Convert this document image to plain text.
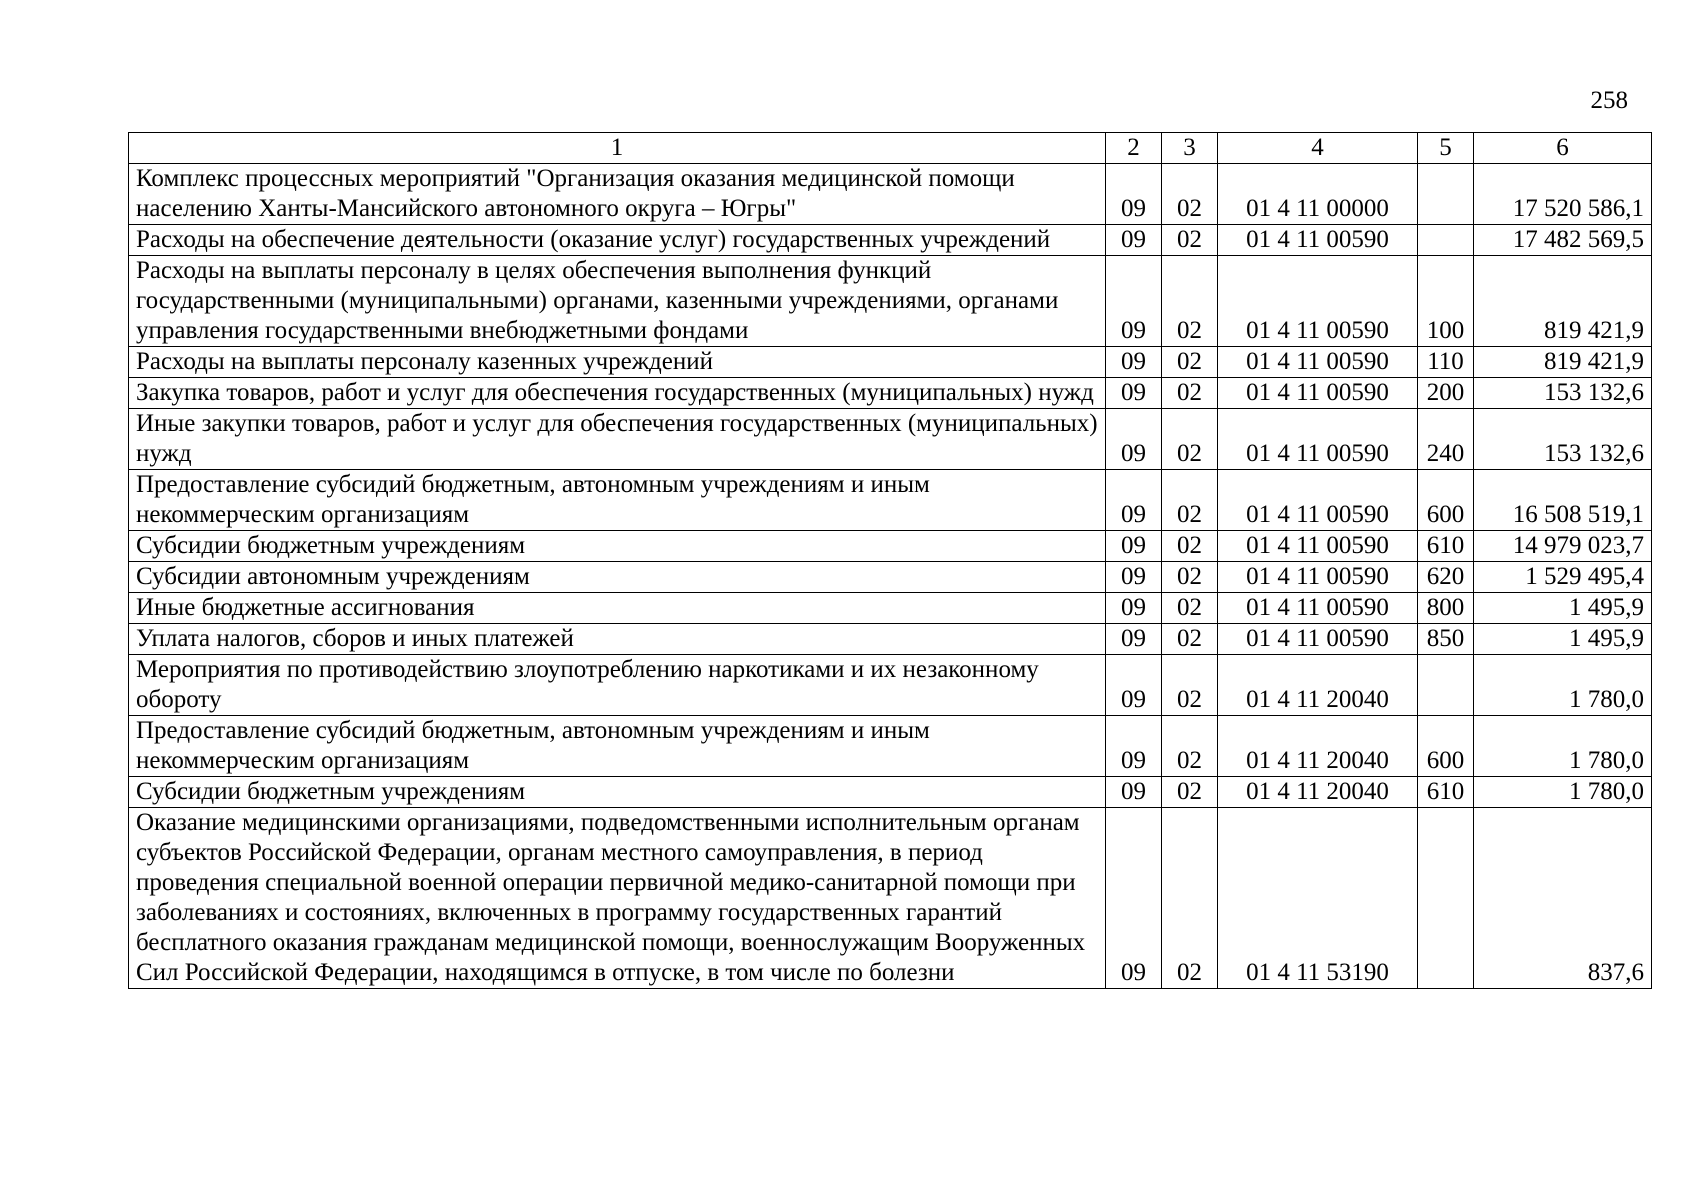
258
1	2	3	4	5	6
Комплекс процессных мероприятий "Организация оказания медицинской помощи населению Ханты-Мансийского автономного округа – Югры"	09	02	01 4 11 00000		17 520 586,1
Расходы на обеспечение деятельности (оказание услуг) государственных учреждений	09	02	01 4 11 00590		17 482 569,5
Расходы на выплаты персоналу в целях обеспечения выполнения функций государственными (муниципальными) органами, казенными учреждениями, органами управления государственными внебюджетными фондами	09	02	01 4 11 00590	100	819 421,9
Расходы на выплаты персоналу казенных учреждений	09	02	01 4 11 00590	110	819 421,9
Закупка товаров, работ и услуг для обеспечения государственных (муниципальных) нужд	09	02	01 4 11 00590	200	153 132,6
Иные закупки товаров, работ и услуг для обеспечения государственных (муниципальных) нужд	09	02	01 4 11 00590	240	153 132,6
Предоставление субсидий бюджетным, автономным учреждениям и иным некоммерческим организациям	09	02	01 4 11 00590	600	16 508 519,1
Субсидии бюджетным учреждениям	09	02	01 4 11 00590	610	14 979 023,7
Субсидии автономным учреждениям	09	02	01 4 11 00590	620	1 529 495,4
Иные бюджетные ассигнования	09	02	01 4 11 00590	800	1 495,9
Уплата налогов, сборов и иных платежей	09	02	01 4 11 00590	850	1 495,9
Мероприятия по противодействию злоупотреблению наркотиками и их незаконному обороту	09	02	01 4 11 20040		1 780,0
Предоставление субсидий бюджетным, автономным учреждениям и иным некоммерческим организациям	09	02	01 4 11 20040	600	1 780,0
Субсидии бюджетным учреждениям	09	02	01 4 11 20040	610	1 780,0
Оказание медицинскими организациями, подведомственными исполнительным органам субъектов Российской Федерации, органам местного самоуправления, в период проведения специальной военной операции первичной медико-санитарной помощи при заболеваниях и состояниях, включенных в программу государственных гарантий бесплатного оказания гражданам медицинской помощи, военнослужащим Вооруженных Сил Российской Федерации, находящимся в отпуске, в том числе по болезни	09	02	01 4 11 53190		837,6
